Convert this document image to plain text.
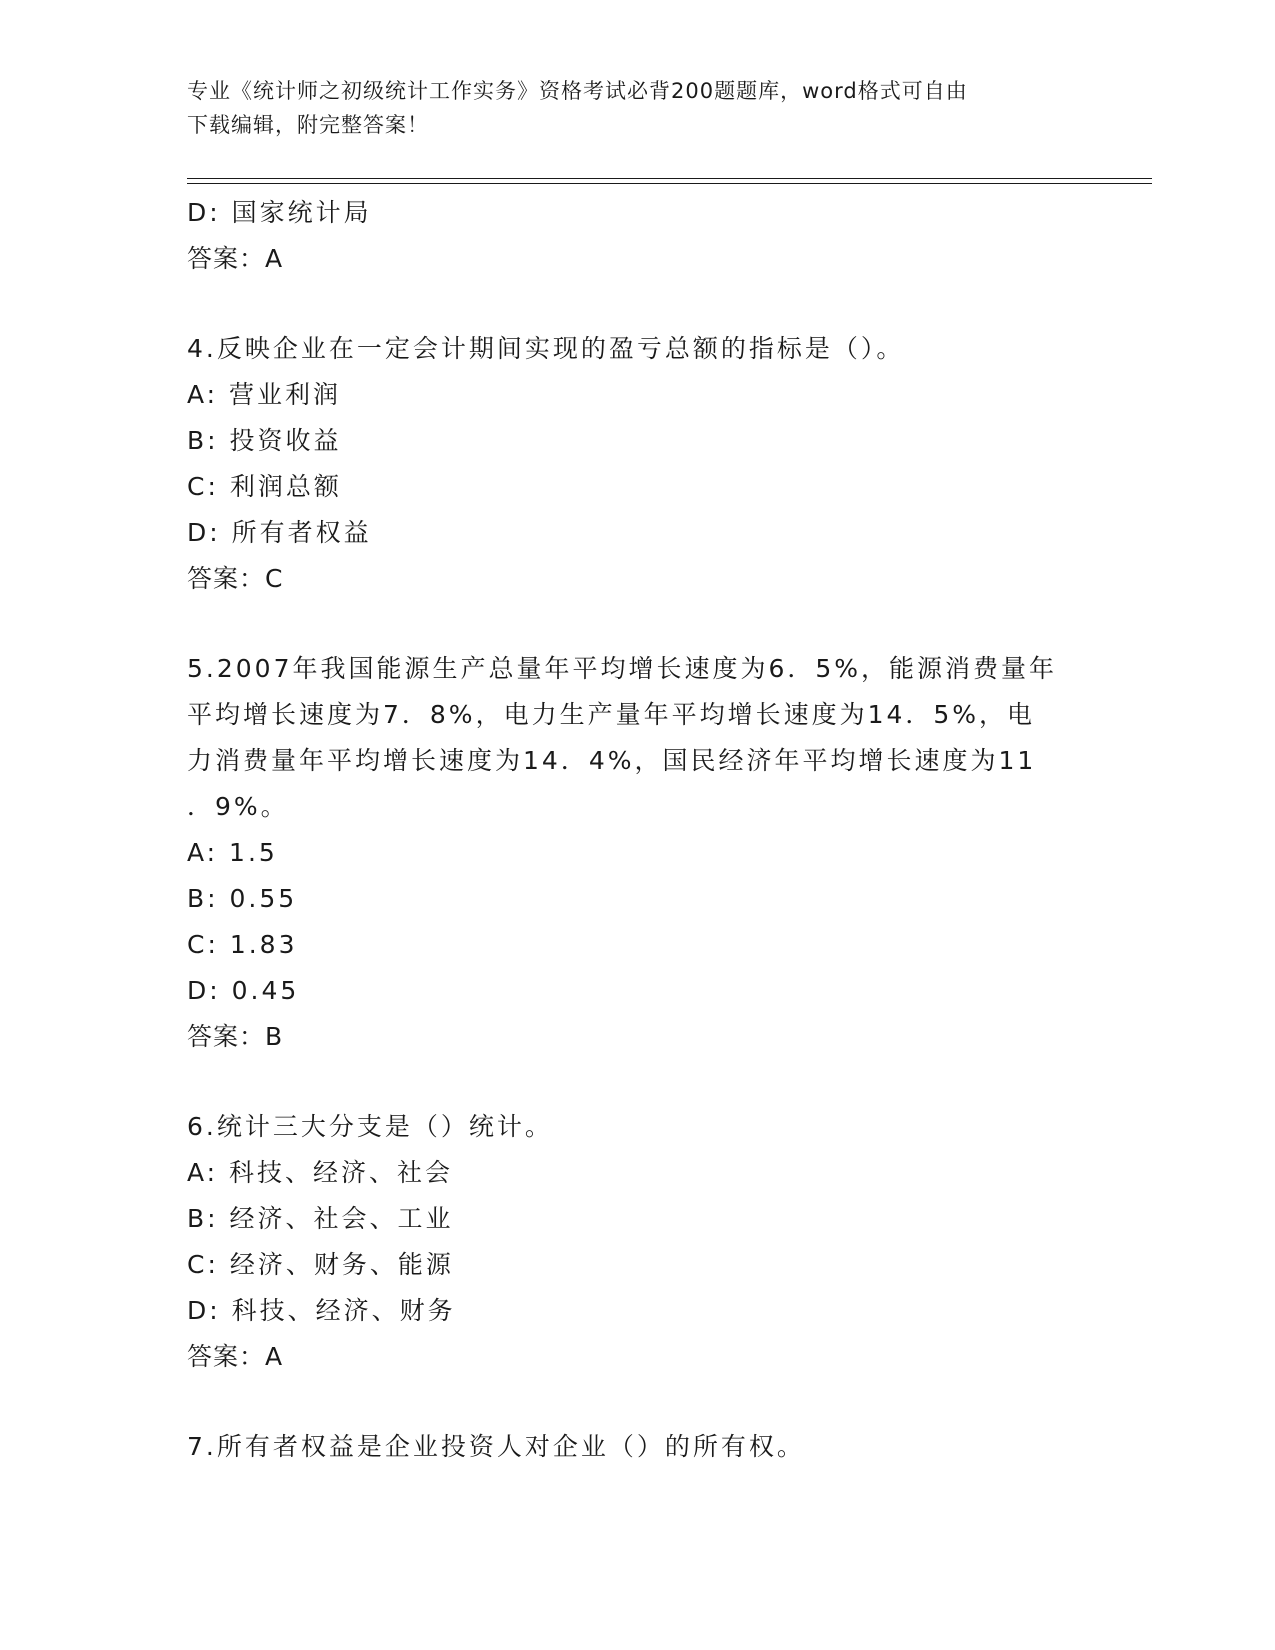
专业《统计师之初级统计工作实务》资格考试必背200题题库，word格式可自由
下载编辑，附完整答案！
D: 国家统计局
答案：A
4.反映企业在一定会计期间实现的盈亏总额的指标是（）。
A: 营业利润
B: 投资收益
C: 利润总额
D: 所有者权益
答案：C
5.2007年我国能源生产总量年平均增长速度为6．5%，能源消费量年
平均增长速度为7．8%，电力生产量年平均增长速度为14．5%，电
力消费量年平均增长速度为14．4%，国民经济年平均增长速度为11
．9%。
A: 1.5
B: 0.55
C: 1.83
D: 0.45
答案：B
6.统计三大分支是（）统计。
A: 科技、经济、社会
B: 经济、社会、工业
C: 经济、财务、能源
D: 科技、经济、财务
答案：A
7.所有者权益是企业投资人对企业（）的所有权。
